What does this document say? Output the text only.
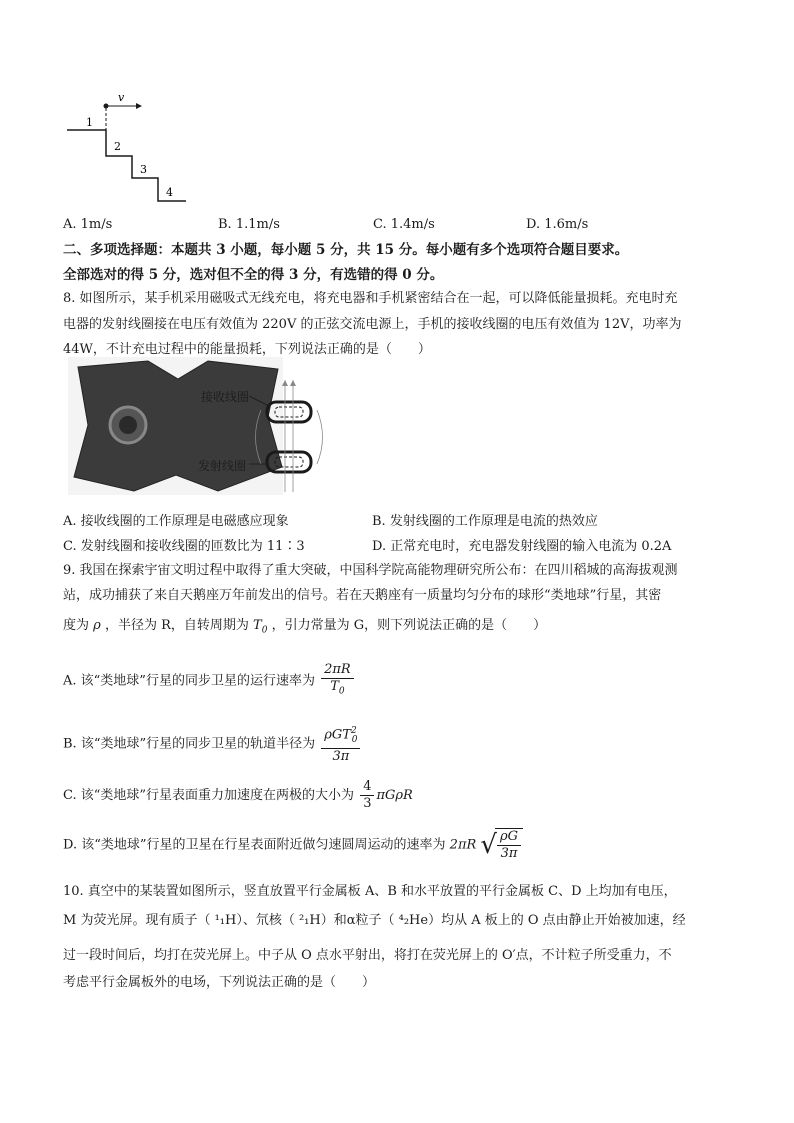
v
1
2
3
4
A. 1m/s	B. 1.1m/s	C. 1.4m/s	D. 1.6m/s
二、多项选择题：本题共 3 小题，每小题 5 分，共 15 分。每小题有多个选项符合题目要求。
全部选对的得 5 分，选对但不全的得 3 分，有选错的得 0 分。
8. 如图所示，某手机采用磁吸式无线充电，将充电器和手机紧密结合在一起，可以降低能量损耗。充电时充
电器的发射线圈接在电压有效值为 220V 的正弦交流电源上，手机的接收线圈的电压有效值为 12V，功率为
44W，不计充电过程中的能量损耗，下列说法正确的是（　　）
接收线圈
发射线圈
A. 接收线圈的工作原理是电磁感应现象	B. 发射线圈的工作原理是电流的热效应
C. 发射线圈和接收线圈的匝数比为 11∶3	D. 正常充电时，充电器发射线圈的输入电流为 0.2A
9. 我国在探索宇宙文明过程中取得了重大突破，中国科学院高能物理研究所公布：在四川稻城的高海拔观测
站，成功捕获了来自天鹅座万年前发出的信号。若在天鹅座有一质量均匀分布的球形“类地球”行星，其密
度为 ρ ，半径为 R，自转周期为 $T_0$ ，引力常量为 G，则下列说法正确的是（　　）
A. 该“类地球”行星的同步卫星的运行速率为 $\frac{2\pi R}{T_0}$
B. 该“类地球”行星的同步卫星的轨道半径为 $\frac{\rho GT^2_0}{3\pi}$
C. 该“类地球”行星表面重力加速度在两极的大小为 $\frac{4}{3}$ πGρR
D. 该“类地球”行星的卫星在行星表面附近做匀速圆周运动的速率为 2πR √ $\frac{\rho G}{3\pi}$
10. 真空中的某装置如图所示，竖直放置平行金属板 A、B 和水平放置的平行金属板 C、D 上均加有电压，
M 为荧光屏。现有质子（ ¹₁H）、氘核（ ²₁H）和α粒子（ ⁴₂He）均从 A 板上的 O 点由静止开始被加速，经
过一段时间后，均打在荧光屏上。中子从 O 点水平射出，将打在荧光屏上的 O′点，不计粒子所受重力，不
考虑平行金属板外的电场，下列说法正确的是（　　）
